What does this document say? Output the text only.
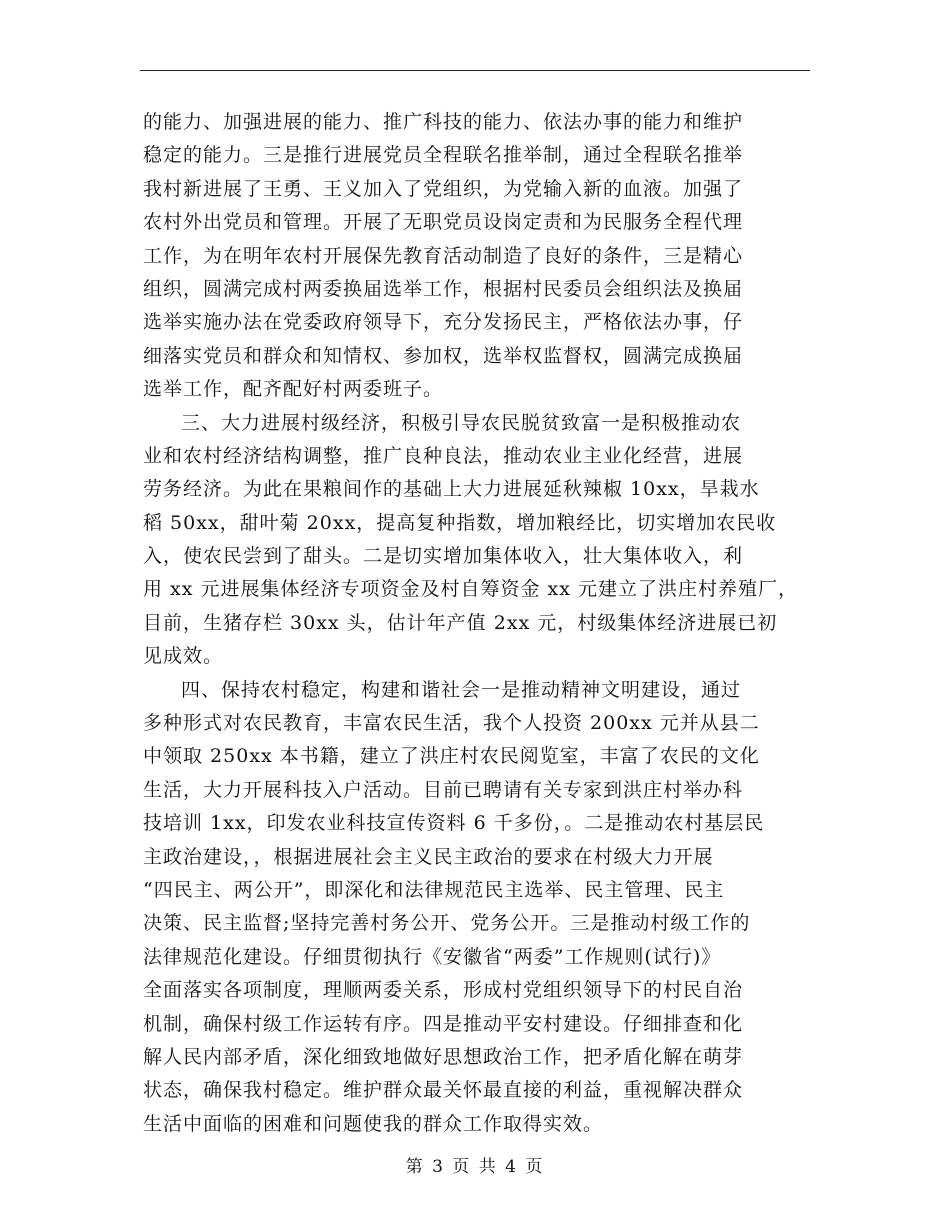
的能力、加强进展的能力、推广科技的能力、依法办事的能力和维护
稳定的能力。三是推行进展党员全程联名推举制，通过全程联名推举
我村新进展了王勇、王义加入了党组织，为党输入新的血液。加强了
农村外出党员和管理。开展了无职党员设岗定责和为民服务全程代理
工作，为在明年农村开展保先教育活动制造了良好的条件，三是精心
组织，圆满完成村两委换届选举工作，根据村民委员会组织法及换届
选举实施办法在党委政府领导下，充分发扬民主，严格依法办事，仔
细落实党员和群众和知情权、参加权，选举权监督权，圆满完成换届
选举工作，配齐配好村两委班子。
三、大力进展村级经济，积极引导农民脱贫致富一是积极推动农
业和农村经济结构调整，推广良种良法，推动农业主业化经营，进展
劳务经济。为此在果粮间作的基础上大力进展延秋辣椒 10xx，旱栽水
稻 50xx，甜叶菊 20xx，提高复种指数，增加粮经比，切实增加农民收
入，使农民尝到了甜头。二是切实增加集体收入，壮大集体收入，利
用 xx 元进展集体经济专项资金及村自筹资金 xx 元建立了洪庄村养殖厂，
目前，生猪存栏 30xx 头，估计年产值 2xx 元，村级集体经济进展已初
见成效。
四、保持农村稳定，构建和谐社会一是推动精神文明建设，通过
多种形式对农民教育，丰富农民生活，我个人投资 200xx 元并从县二
中领取 250xx 本书籍，建立了洪庄村农民阅览室，丰富了农民的文化
生活，大力开展科技入户活动。目前已聘请有关专家到洪庄村举办科
技培训 1xx，印发农业科技宣传资料 6 千多份，。二是推动农村基层民
主政治建设，，根据进展社会主义民主政治的要求在村级大力开展
“四民主、两公开”，即深化和法律规范民主选举、民主管理、民主
决策、民主监督;坚持完善村务公开、党务公开。三是推动村级工作的
法律规范化建设。仔细贯彻执行《安徽省“两委”工作规则(试行)》
全面落实各项制度，理顺两委关系，形成村党组织领导下的村民自治
机制，确保村级工作运转有序。四是推动平安村建设。仔细排查和化
解人民内部矛盾，深化细致地做好思想政治工作，把矛盾化解在萌芽
状态，确保我村稳定。维护群众最关怀最直接的利益，重视解决群众
生活中面临的困难和问题使我的群众工作取得实效。
第 3 页 共 4 页
